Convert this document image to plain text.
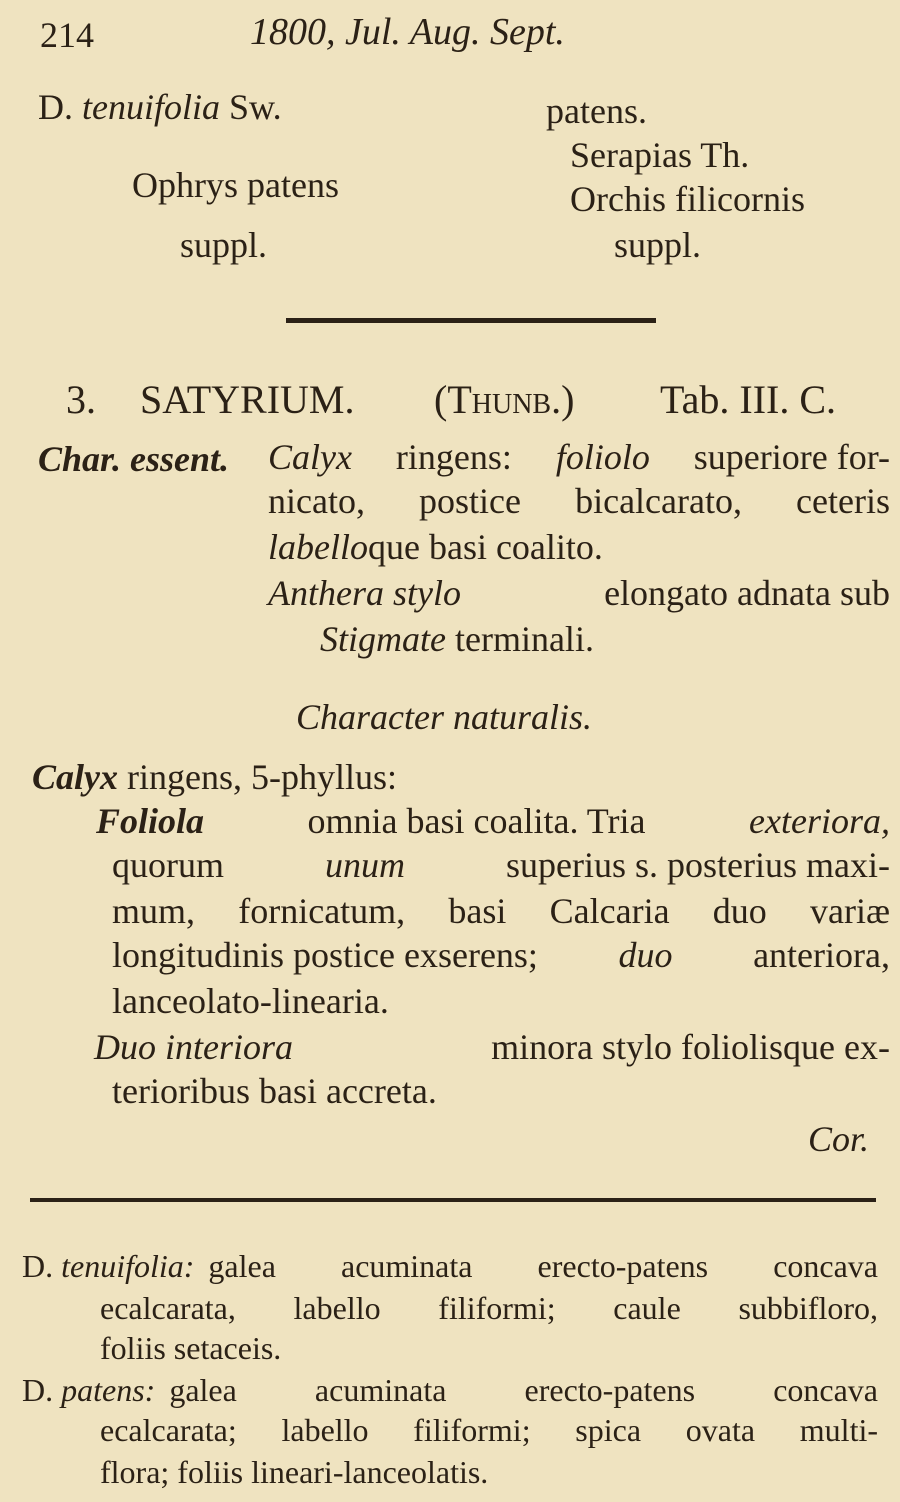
214	1800, Jul. Aug. Sept.
D. tenuifolia Sw.
Ophrys patens
suppl.
patens.
Serapias Th.
Orchis filicornis
suppl.
3. SATYRIUM. (Thunb.) Tab. III. C.
Char. essent. Calyx ringens: foliolo superiore for-
nicato, postice bicalcarato, ceteris
labelloque basi coalito.
Anthera stylo	elongato adnata sub
Stigmate terminali.
Character naturalis.
Calyx ringens, 5-phyllus:
Foliola	omnia basi coalita. Tria	exteriora,
quorum	unum	superius s. posterius maxi-
mum, fornicatum, basi Calcaria duo variæ
longitudinis postice exserens; duo anteriora,
lanceolato-linearia.
Duo interiora	minora stylo foliolisque ex-
terioribus basi accreta.
Cor.
D. tenuifolia: galea acuminata erecto-patens concava
ecalcarata, labello filiformi; caule subbifloro,
foliis setaceis.
D. patens: galea acuminata erecto-patens concava
ecalcarata; labello filiformi; spica ovata multi-
flora; foliis lineari-lanceolatis.
